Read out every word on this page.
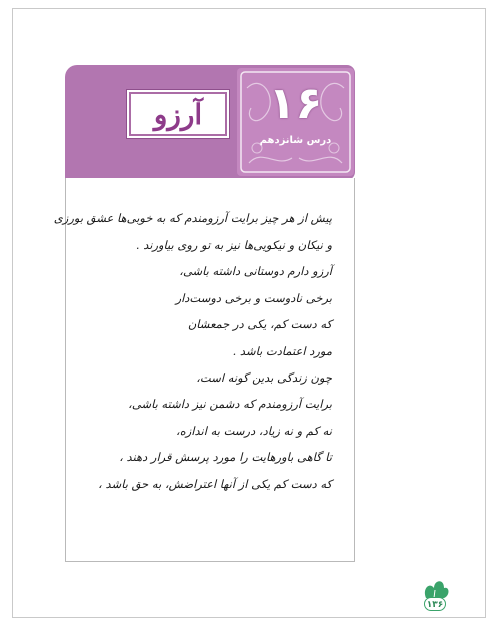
آرزو	۱۶
درس شانزدهم
پیش از هر چیز برایت آرزومندم که به خوبی‌ها عشق بورزی
و نیکان و نیکویی‌ها نیز به تو روی بیاورند .
آرزو دارم دوستانی داشته باشی،
برخی نادوست و برخی دوست‌دار
که دست کم، یکی در جمعشان
مورد اعتمادت باشد .
چون زندگی بدین گونه است،
برایت آرزومندم که دشمن نیز داشته باشی،
نه کم و نه زیاد، درست به اندازه،
تا گاهی باورهایت را مورد پرسش قرار دهند ،
که دست کم یکی از آنها اعتراضش، به حق باشد ،
۱۳۶
